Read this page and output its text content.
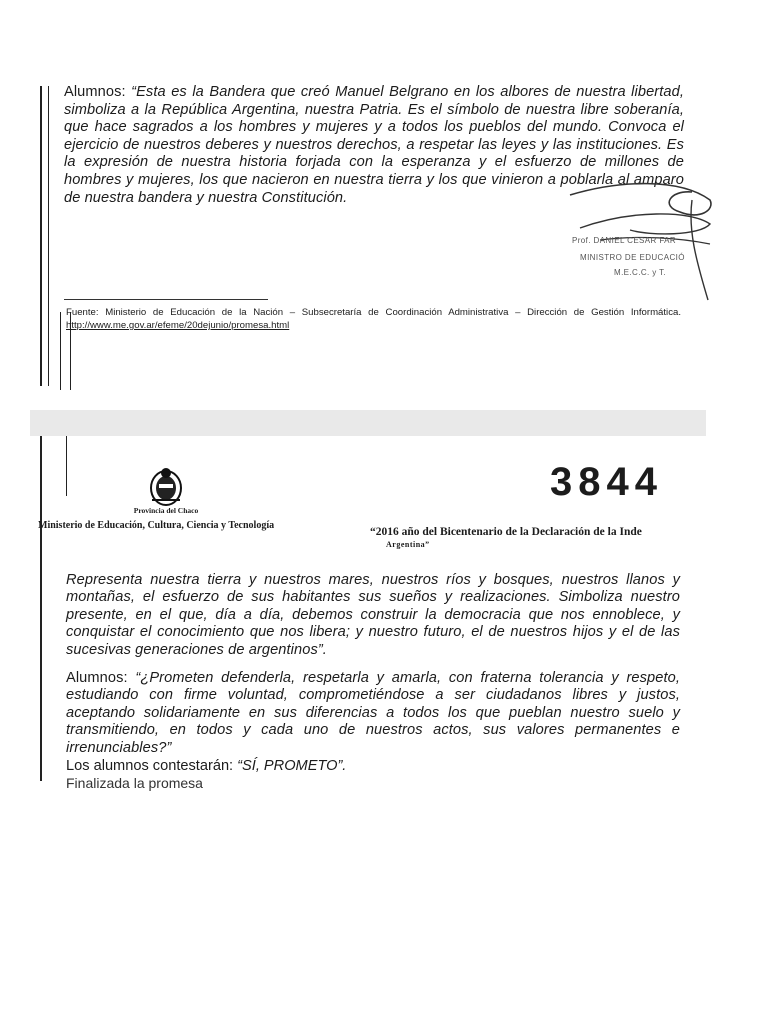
Alumnos: “Esta es la Bandera que creó Manuel Belgrano en los albores de nuestra libertad, simboliza a la República Argentina, nuestra Patria. Es el símbolo de nuestra libre soberanía, que hace sagrados a los hombres y mujeres y a todos los pueblos del mundo. Convoca el ejercicio de nuestros deberes y nuestros derechos, a respetar las leyes y las instituciones. Es la expresión de nuestra historia forjada con la esperanza y el esfuerzo de millones de hombres y mujeres, los que nacieron en nuestra tierra y los que vinieron a poblarla al amparo de nuestra bandera y nuestra Constitución.
Prof. DANIEL CESAR FAR
MINISTRO DE EDUCACIÓ
M.E.C.C. y T.
Fuente: Ministerio de Educación de la Nación – Subsecretaría de Coordinación Administrativa – Dirección de Gestión Informática. http://www.me.gov.ar/efeme/20dejunio/promesa.html
Provincia del Chaco
Ministerio de Educación, Cultura, Ciencia y Tecnología
3844
“2016 año del Bicentenario de la Declaración de la Inde
Argentina”
Representa nuestra tierra y nuestros mares, nuestros ríos y bosques, nuestros llanos y montañas, el esfuerzo de sus habitantes sus sueños y realizaciones. Simboliza nuestro presente, en el que, día a día, debemos construir la democracia que nos ennoblece, y conquistar el conocimiento que nos libera; y nuestro futuro, el de nuestros hijos y el de las sucesivas generaciones de argentinos”.
Alumnos: “¿Prometen defenderla, respetarla y amarla, con fraterna tolerancia y respeto, estudiando con firme voluntad, comprometiéndose a ser ciudadanos libres y justos, aceptando solidariamente en sus diferencias a todos los que pueblan nuestro suelo y transmitiendo, en todos y cada uno de nuestros actos, sus valores permanentes e irrenunciables?”
Los alumnos contestarán: “SÍ, PROMETO”.
Finalizada la promesa
